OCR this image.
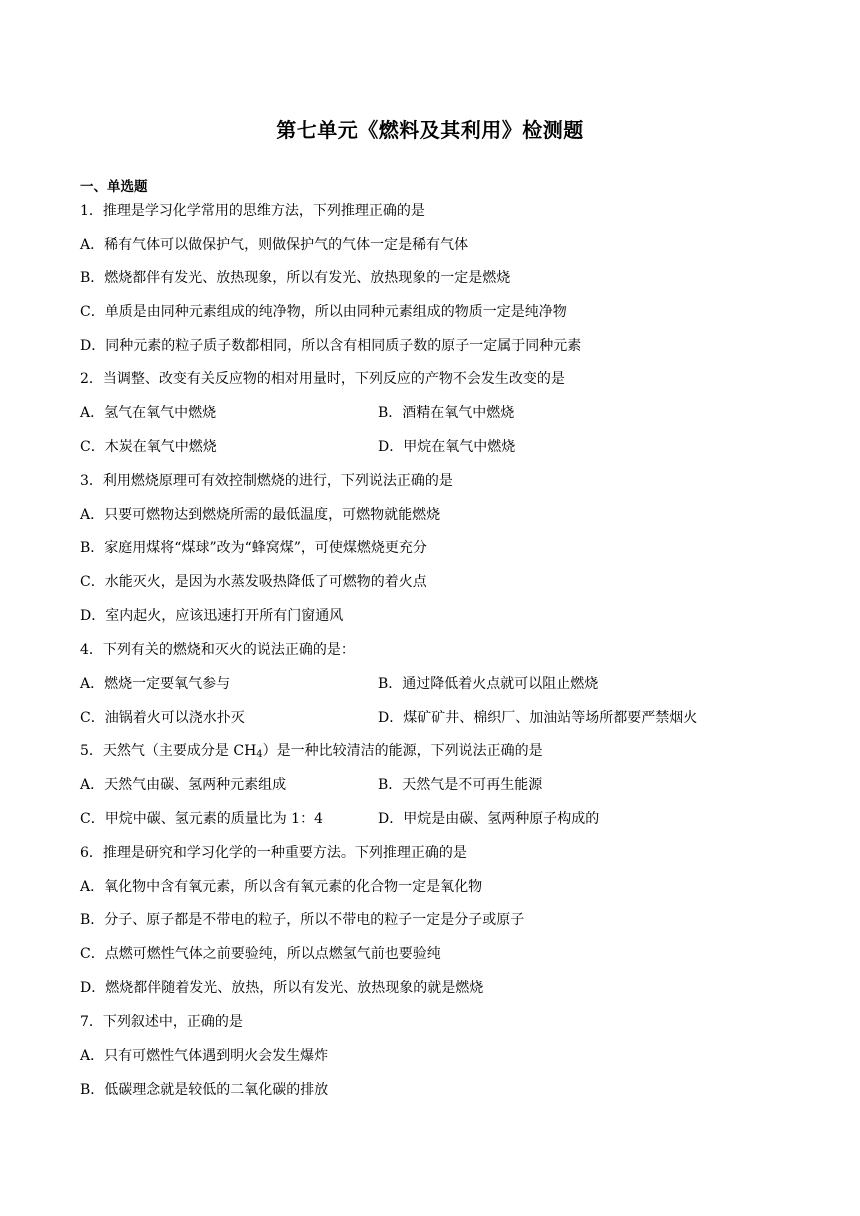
第七单元《燃料及其利用》检测题
一、单选题
1．推理是学习化学常用的思维方法，下列推理正确的是
A．稀有气体可以做保护气，则做保护气的气体一定是稀有气体
B．燃烧都伴有发光、放热现象，所以有发光、放热现象的一定是燃烧
C．单质是由同种元素组成的纯净物，所以由同种元素组成的物质一定是纯净物
D．同种元素的粒子质子数都相同，所以含有相同质子数的原子一定属于同种元素
2．当调整、改变有关反应物的相对用量时，下列反应的产物不会发生改变的是
A．氢气在氧气中燃烧	B．酒精在氧气中燃烧
C．木炭在氧气中燃烧	D．甲烷在氧气中燃烧
3．利用燃烧原理可有效控制燃烧的进行，下列说法正确的是
A．只要可燃物达到燃烧所需的最低温度，可燃物就能燃烧
B．家庭用煤将“煤球”改为“蜂窝煤”，可使煤燃烧更充分
C．水能灭火，是因为水蒸发吸热降低了可燃物的着火点
D．室内起火，应该迅速打开所有门窗通风
4．下列有关的燃烧和灭火的说法正确的是：
A．燃烧一定要氧气参与	B．通过降低着火点就可以阻止燃烧
C．油锅着火可以浇水扑灭	D．煤矿矿井、棉织厂、加油站等场所都要严禁烟火
5．天然气（主要成分是 $CH_4$）是一种比较清洁的能源，下列说法正确的是
A．天然气由碳、氢两种元素组成	B．天然气是不可再生能源
C．甲烷中碳、氢元素的质量比为 1：4	D．甲烷是由碳、氢两种原子构成的
6．推理是研究和学习化学的一种重要方法。下列推理正确的是
A．氧化物中含有氧元素，所以含有氧元素的化合物一定是氧化物
B．分子、原子都是不带电的粒子，所以不带电的粒子一定是分子或原子
C．点燃可燃性气体之前要验纯，所以点燃氢气前也要验纯
D．燃烧都伴随着发光、放热，所以有发光、放热现象的就是燃烧
7．下列叙述中，正确的是
A．只有可燃性气体遇到明火会发生爆炸
B．低碳理念就是较低的二氧化碳的排放
